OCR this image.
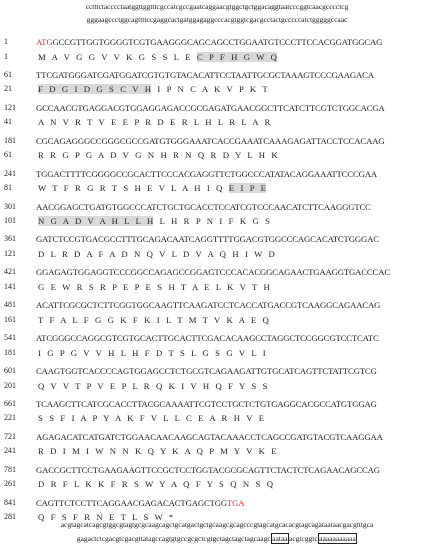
cctttctacccctaatggttggtttcgccatcgccgaatcaggaacgtggctgctggacaggtaatcccggtcaacgcccctcg
gggaagccctggcagttttccgaggcactgatggagaggcccacgtggtcgacgcctactgcccccatctgggggccaac
1	ATGGCCGTTGGTGGGGTCGTGAAGGGCAGCAGCCTGGAATGTCCCTTCCACGGATGGCAG
1	M A V G G V V K G S S L E C P F H G W Q
61	TTCGATGGGATCGATGGATCGTGTGTACACATTCCTAATTGCGCTAAAGTCCCGAAGACA
21	F D G I D G S C V H I P N C A K V P K T
121	GCCAACGTGAGGACGTGGAGGAGACCGCGAGATGAACGGCTTCATCTTCGTCTGGCACGA
41	A N V R T V E E P R D E R L H L R L A R
181	CGCAGAGGGCCGGGCGCCGATGTGGGAAATCACCGAAATCAAAGAGATTACCTCCACAAG
61	R R G P G A D V G N H R N Q R D Y L H K
241	TGGACTTTTCGGGGCCGCACTTCCCACGAGGTTCTGGCCCATATACAGGAAATTCCCGAA
81	W T F R G R T S H E V L A H I Q E I P E
301	AACGGAGCTGATGTGGCCCATCTGCTGCACCTCCATCGTCCCAACATCTTCAAGGGTCC
101	N G A D V A H L L H L H R P N I F K G S
361	GATCTCCGTGACGCCTTTGCAGACAATCAGGTTTTGGACGTGGCCCAGCACATCTGGGAC
121	D L R D A F A D N Q V L D V A Q H I W D
421	GGAGAGTGGAGGTCCCGGCCAGAGCCGGAGTCCCACACGGCAGAACTGAAGGTGACCCAC
141	G E W R S R P E P E S H T A E L K V T H
481	ACATTCGCGCTCTTCGGTGGCAAGTTCAAGATCCTCACCATGACCGTCAAGGCAGAACAG
161	T F A L F G G K F K I L T M T V K A E Q
541	ATCGGGCCAGGCGTCGTGCACTTGCACTTCGACACAAGCCTAGGCTCCGGCGTCCTCATC
181	I G P G V V H L H F D T S L G S G V L I
601	CAAGTGGTCACCCCAGTGGAGCCTCTGCGTCAGAAGATTGTGCATCAGTTCTATTCGTCG
201	Q V V T P V E P L R Q K I V H Q F Y S S
661	TCAAGCTTCATCGCACCTTACGCAAAATTCGTCCTGCTCTGTGAGGCACGCCATGTGGAG
221	S S F I A P Y A K F V L L C E A R H V E
721	AGAGACATCATGATCTGGAACAACAAGCAGTACAAACCTCAGCCGATGTACGTCAAGGAA
241	R D I M I W N N K Q Y K A Q P M Y V K E
781	GACCGCTTCCTGAAGAAGTTCCGCTCCTGGTACGCGCAGTTCTACTCTCAGAACAGCCAG
261	D R F L K K F R S W Y A Q F Y S Q N S Q
841	CAGTTCTCCTTCAGGAACGAGACACTGAGCTGGTGA
281	Q F S F R N E T L S W *
acgtagcatcagcgtggcgtagtgcgcaagcagctgcatgactgctgcaagcgcagcccgtagcatgcacacgtagcagataataacgacgtttgca
gagactctcgacgtcgacgttatagccagtgtgccgcgctcgtgctagctagctagcaagc aataa acgtcggtc aaaaaaaaaaa
